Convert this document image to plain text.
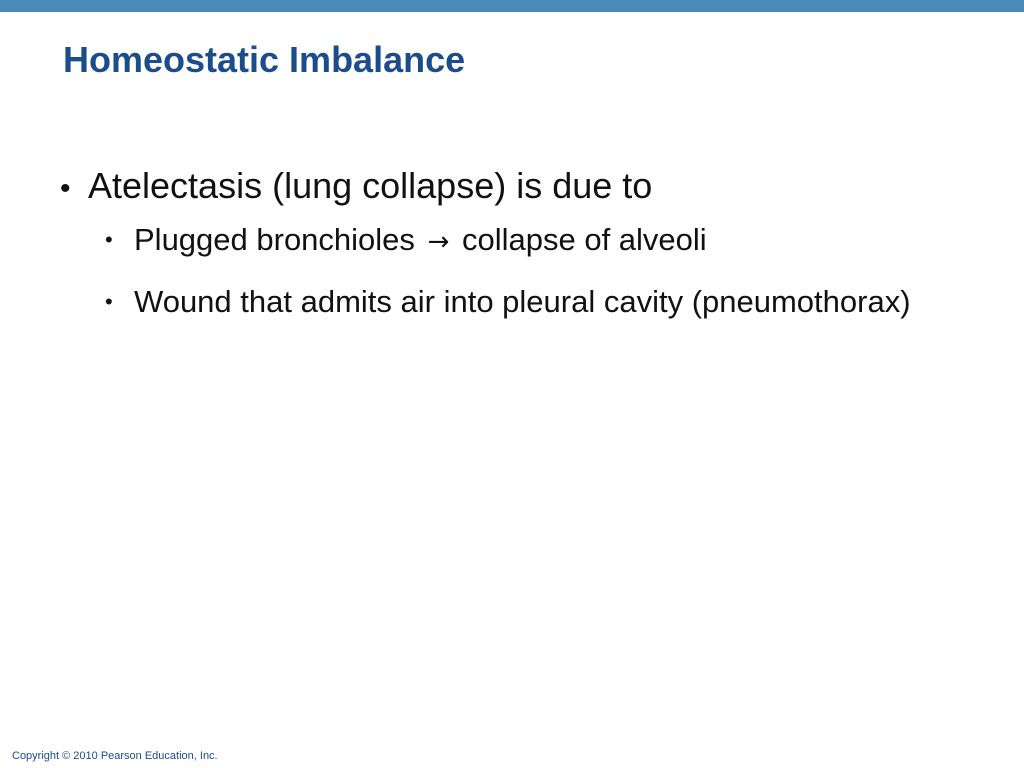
Homeostatic Imbalance
• Atelectasis (lung collapse) is due to
• Plugged bronchioles → collapse of alveoli
• Wound that admits air into pleural cavity (pneumothorax)
Copyright © 2010 Pearson Education, Inc.
